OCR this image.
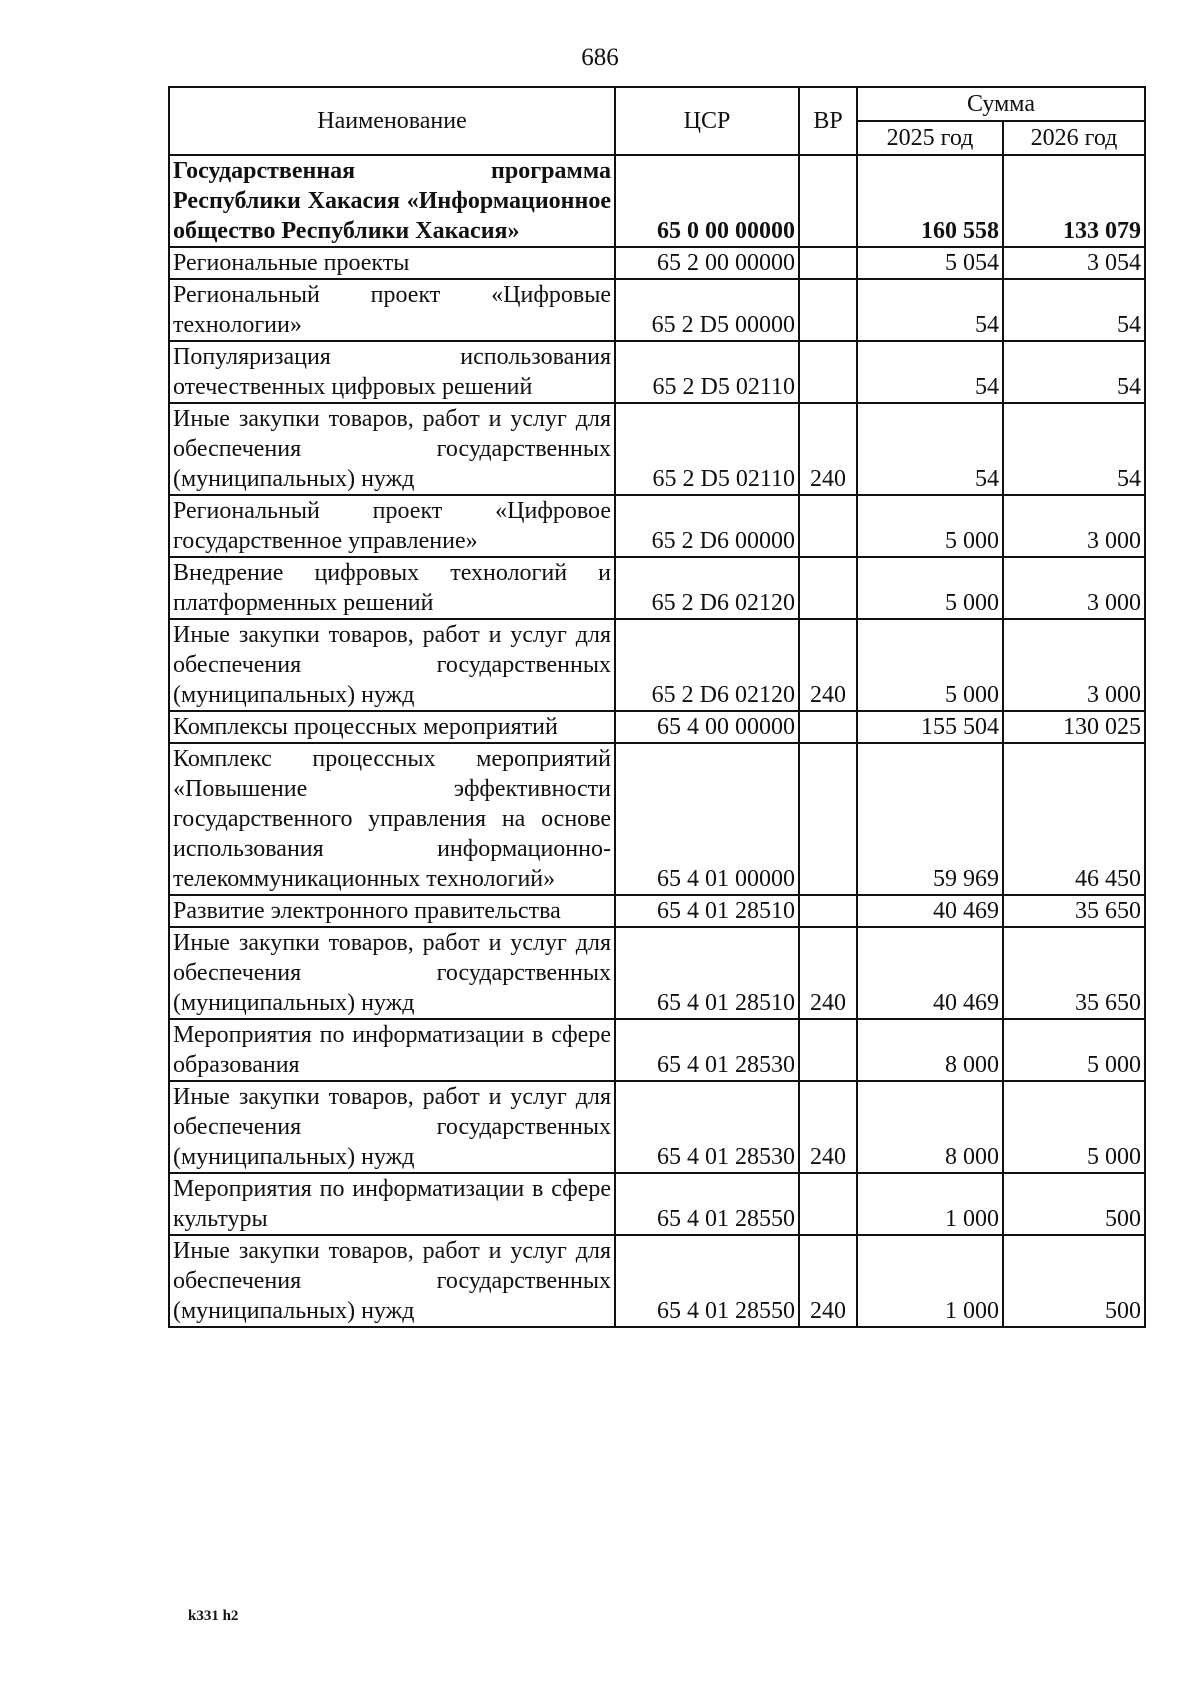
686
Наименование	ЦСР	ВР	Сумма	
			2025 год	2026 год
Государственная программа Республики Хакасия «Информационное общество Республики Хакасия»	65 0 00 00000		160 558	133 079
Региональные проекты	65 2 00 00000		5 054	3 054
Региональный проект «Цифровые технологии»	65 2 D5 00000		54	54
Популяризация использования отечественных цифровых решений	65 2 D5 02110		54	54
Иные закупки товаров, работ и услуг для обеспечения государственных (муниципальных) нужд	65 2 D5 02110	240	54	54
Региональный проект «Цифровое государственное управление»	65 2 D6 00000		5 000	3 000
Внедрение цифровых технологий и платформенных решений	65 2 D6 02120		5 000	3 000
Иные закупки товаров, работ и услуг для обеспечения государственных (муниципальных) нужд	65 2 D6 02120	240	5 000	3 000
Комплексы процессных мероприятий	65 4 00 00000		155 504	130 025
Комплекс процессных мероприятий «Повышение эффективности государственного управления на основе использования информационно-телекоммуникационных технологий»	65 4 01 00000		59 969	46 450
Развитие электронного правительства	65 4 01 28510		40 469	35 650
Иные закупки товаров, работ и услуг для обеспечения государственных (муниципальных) нужд	65 4 01 28510	240	40 469	35 650
Мероприятия по информатизации в сфере образования	65 4 01 28530		8 000	5 000
Иные закупки товаров, работ и услуг для обеспечения государственных (муниципальных) нужд	65 4 01 28530	240	8 000	5 000
Мероприятия по информатизации в сфере культуры	65 4 01 28550		1 000	500
Иные закупки товаров, работ и услуг для обеспечения государственных (муниципальных) нужд	65 4 01 28550	240	1 000	500
k331 h2
